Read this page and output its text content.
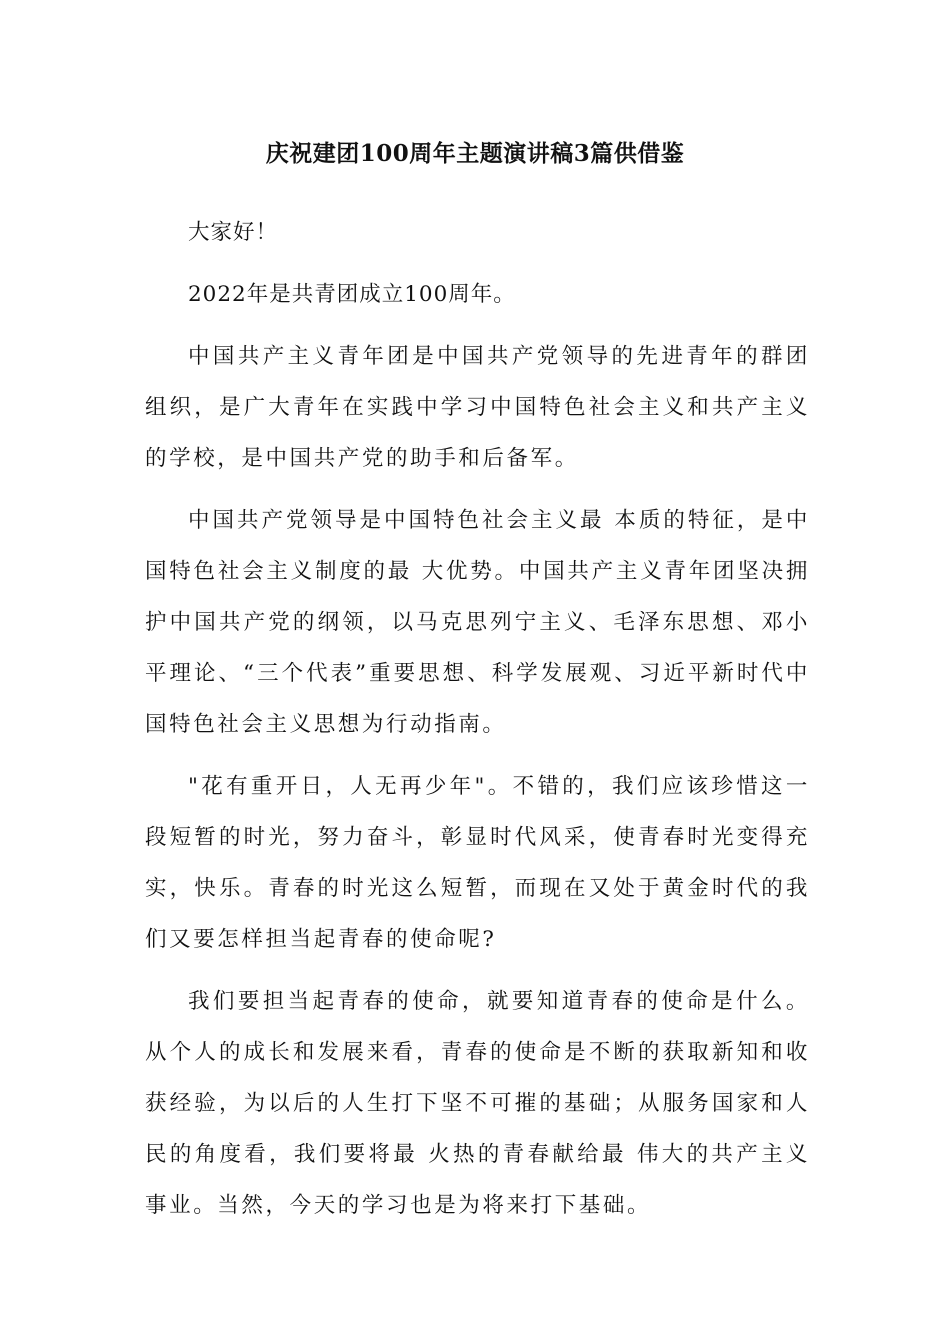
庆祝建团100周年主题演讲稿3篇供借鉴

大家好！

2022年是共青团成立100周年。

中国共产主义青年团是中国共产党领导的先进青年的群团组织，是广大青年在实践中学习中国特色社会主义和共产主义的学校，是中国共产党的助手和后备军。

中国共产党领导是中国特色社会主义最 本质的特征，是中国特色社会主义制度的最 大优势。中国共产主义青年团坚决拥护中国共产党的纲领，以马克思列宁主义、毛泽东思想、邓小平理论、“三个代表”重要思想、科学发展观、习近平新时代中国特色社会主义思想为行动指南。

"花有重开日，人无再少年"。不错的，我们应该珍惜这一段短暂的时光，努力奋斗，彰显时代风采，使青春时光变得充实，快乐。青春的时光这么短暂，而现在又处于黄金时代的我们又要怎样担当起青春的使命呢?

我们要担当起青春的使命，就要知道青春的使命是什么。从个人的成长和发展来看，青春的使命是不断的获取新知和收获经验，为以后的人生打下坚不可摧的基础；从服务国家和人民的角度看，我们要将最 火热的青春献给最 伟大的共产主义事业。当然，今天的学习也是为将来打下基础。
